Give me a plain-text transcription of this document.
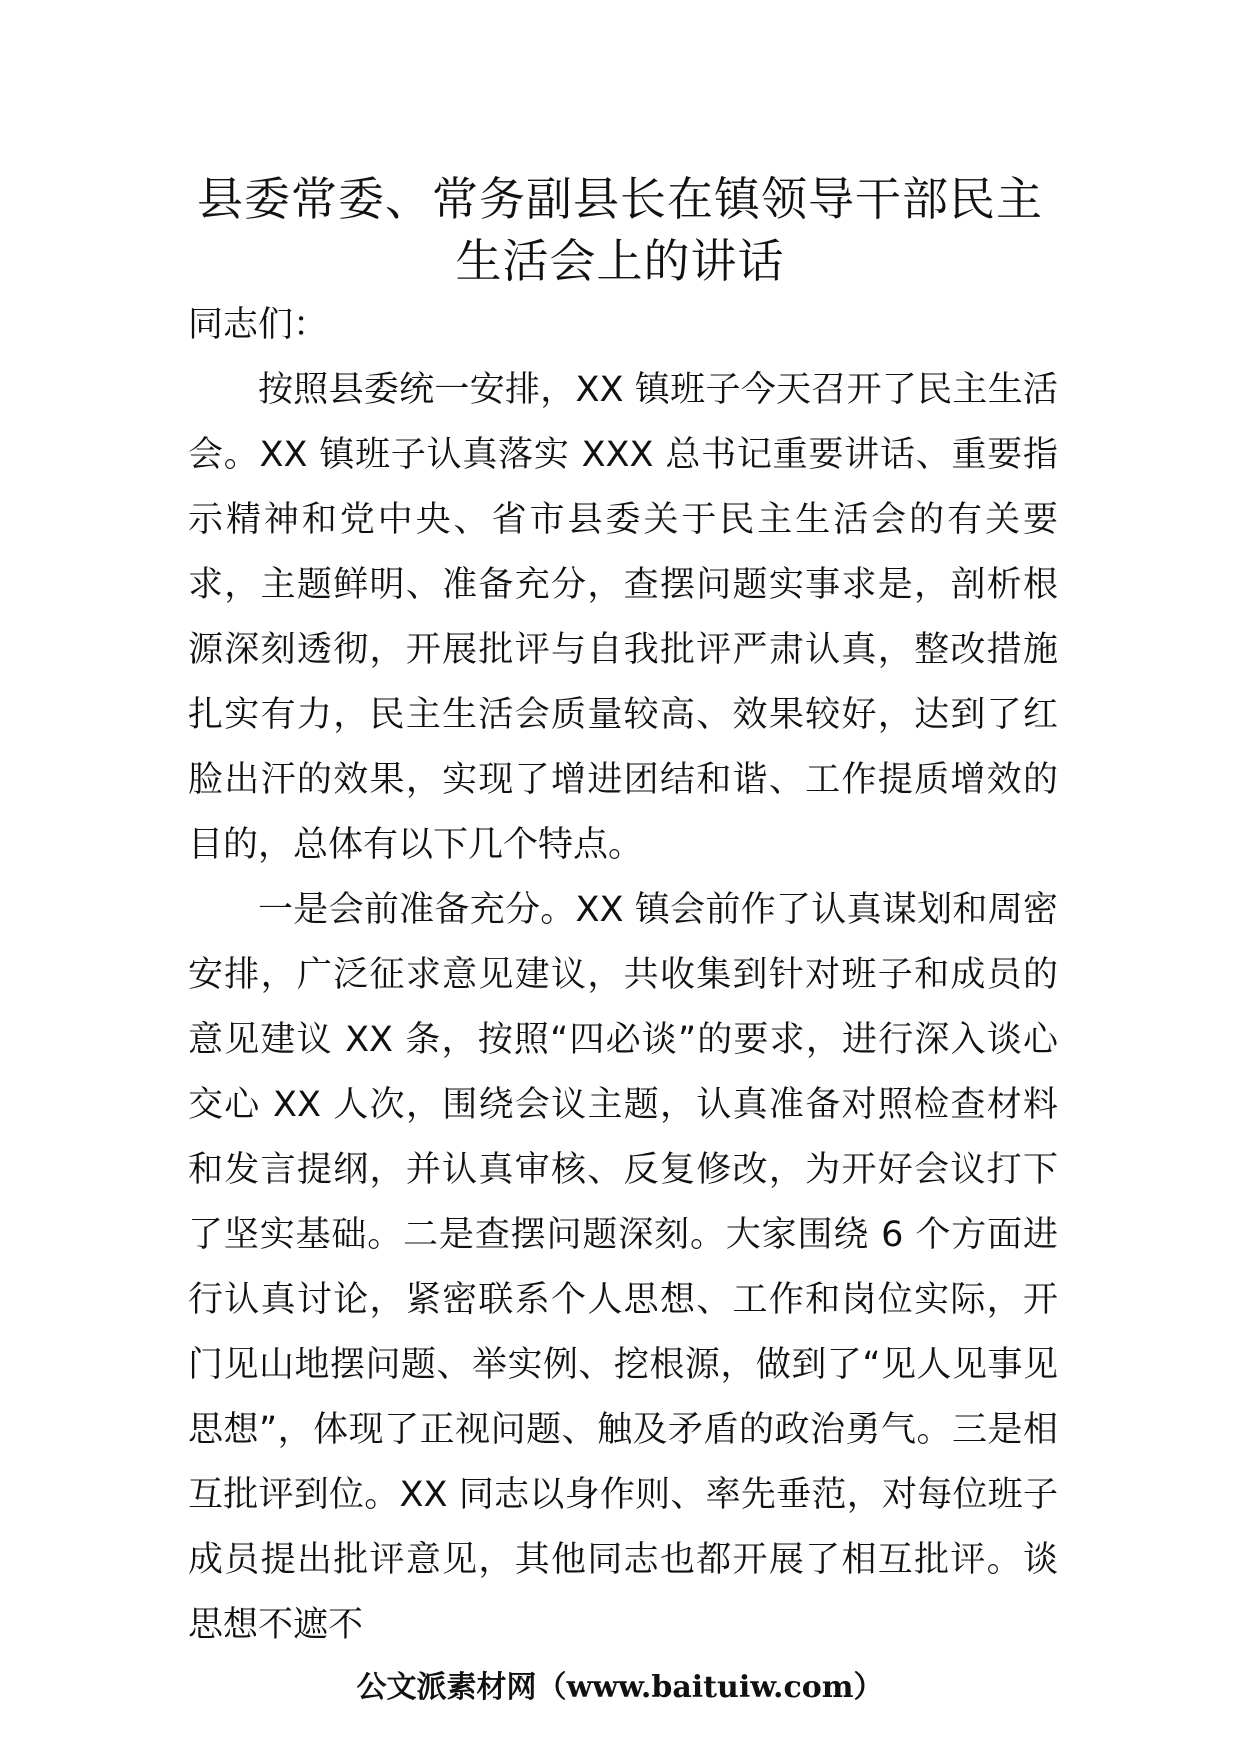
县委常委、常务副县长在镇领导干部民主
生活会上的讲话

同志们：

按照县委统一安排，XX 镇班子今天召开了民主生活会。XX 镇班子认真落实 XXX 总书记重要讲话、重要指示精神和党中央、省市县委关于民主生活会的有关要求，主题鲜明、准备充分，查摆问题实事求是，剖析根源深刻透彻，开展批评与自我批评严肃认真，整改措施扎实有力，民主生活会质量较高、效果较好，达到了红脸出汗的效果，实现了增进团结和谐、工作提质增效的目的，总体有以下几个特点。

一是会前准备充分。XX 镇会前作了认真谋划和周密安排，广泛征求意见建议，共收集到针对班子和成员的意见建议 XX 条，按照“四必谈”的要求，进行深入谈心交心 XX 人次，围绕会议主题，认真准备对照检查材料和发言提纲，并认真审核、反复修改，为开好会议打下了坚实基础。二是查摆问题深刻。大家围绕 6 个方面进行认真讨论，紧密联系个人思想、工作和岗位实际，开门见山地摆问题、举实例、挖根源，做到了“见人见事见思想”，体现了正视问题、触及矛盾的政治勇气。三是相互批评到位。XX 同志以身作则、率先垂范，对每位班子成员提出批评意见，其他同志也都开展了相互批评。谈思想不遮不

公文派素材网（www.baituiw.com）
